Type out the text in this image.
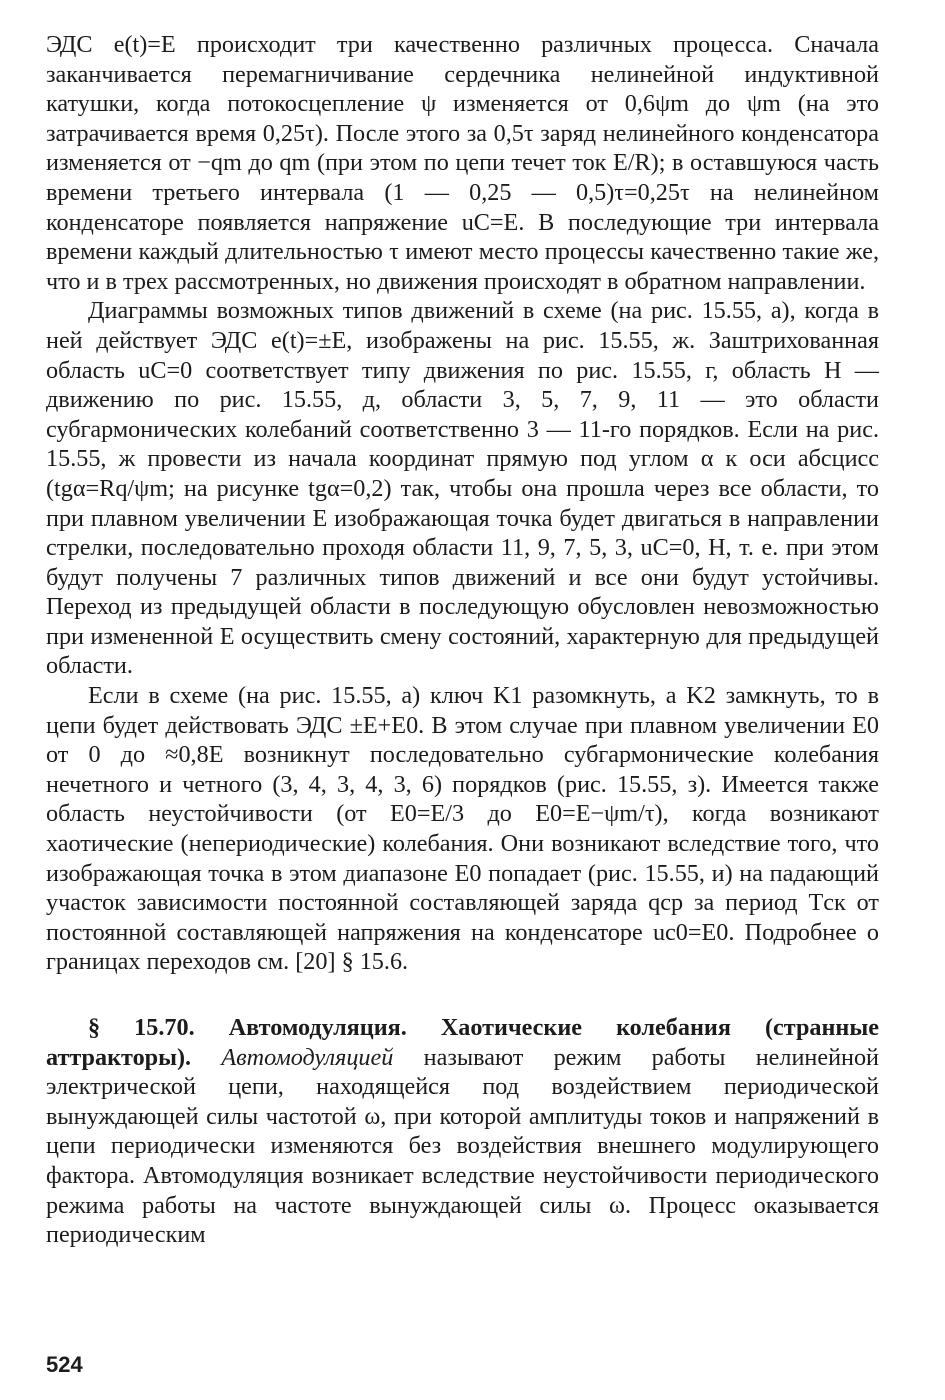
ЭДС e(t)=E происходит три качественно различных процесса. Сначала заканчивается перемагничивание сердечника нелинейной индуктивной катушки, когда потокосцепление ψ изменяется от 0,6ψm до ψm (на это затрачивается время 0,25τ). После этого за 0,5τ заряд нелинейного конденсатора изменяется от −qm до qm (при этом по цепи течет ток E/R); в оставшуюся часть времени третьего интервала (1 — 0,25 — 0,5)τ=0,25τ на нелинейном конденсаторе появляется напряжение uC=E. В последующие три интервала времени каждый длительностью τ имеют место процессы качественно такие же, что и в трех рассмотренных, но движения происходят в обратном направлении.

Диаграммы возможных типов движений в схеме (на рис. 15.55, а), когда в ней действует ЭДС e(t)=±E, изображены на рис. 15.55, ж. Заштрихованная область uC=0 соответствует типу движения по рис. 15.55, г, область H — движению по рис. 15.55, д, области 3, 5, 7, 9, 11 — это области субгармонических колебаний соответственно 3 — 11-го порядков. Если на рис. 15.55, ж провести из начала координат прямую под углом α к оси абсцисс (tgα=Rq/ψm; на рисунке tgα=0,2) так, чтобы она прошла через все области, то при плавном увеличении E изображающая точка будет двигаться в направлении стрелки, последовательно проходя области 11, 9, 7, 5, 3, uC=0, H, т. е. при этом будут получены 7 различных типов движений и все они будут устойчивы. Переход из предыдущей области в последующую обусловлен невозможностью при измененной E осуществить смену состояний, характерную для предыдущей области.

Если в схеме (на рис. 15.55, а) ключ K1 разомкнуть, а K2 замкнуть, то в цепи будет действовать ЭДС ±E+E0. В этом случае при плавном увеличении E0 от 0 до ≈0,8E возникнут последовательно субгармонические колебания нечетного и четного (3, 4, 3, 4, 3, 6) порядков (рис. 15.55, з). Имеется также область неустойчивости (от E0=E/3 до E0=E−ψm/τ), когда возникают хаотические (непериодические) колебания. Они возникают вследствие того, что изображающая точка в этом диапазоне E0 попадает (рис. 15.55, и) на падающий участок зависимости постоянной составляющей заряда qср за период Tск от постоянной составляющей напряжения на конденсаторе uc0=E0. Подробнее о границах переходов см. [20] § 15.6.

§ 15.70. Автомодуляция. Хаотические колебания (странные аттракторы). Автомодуляцией называют режим работы нелинейной электрической цепи, находящейся под воздействием периодической вынуждающей силы частотой ω, при которой амплитуды токов и напряжений в цепи периодически изменяются без воздействия внешнего модулирующего фактора. Автомодуляция возникает вследствие неустойчивости периодического режима работы на частоте вынуждающей силы ω. Процесс оказывается периодическим

524
